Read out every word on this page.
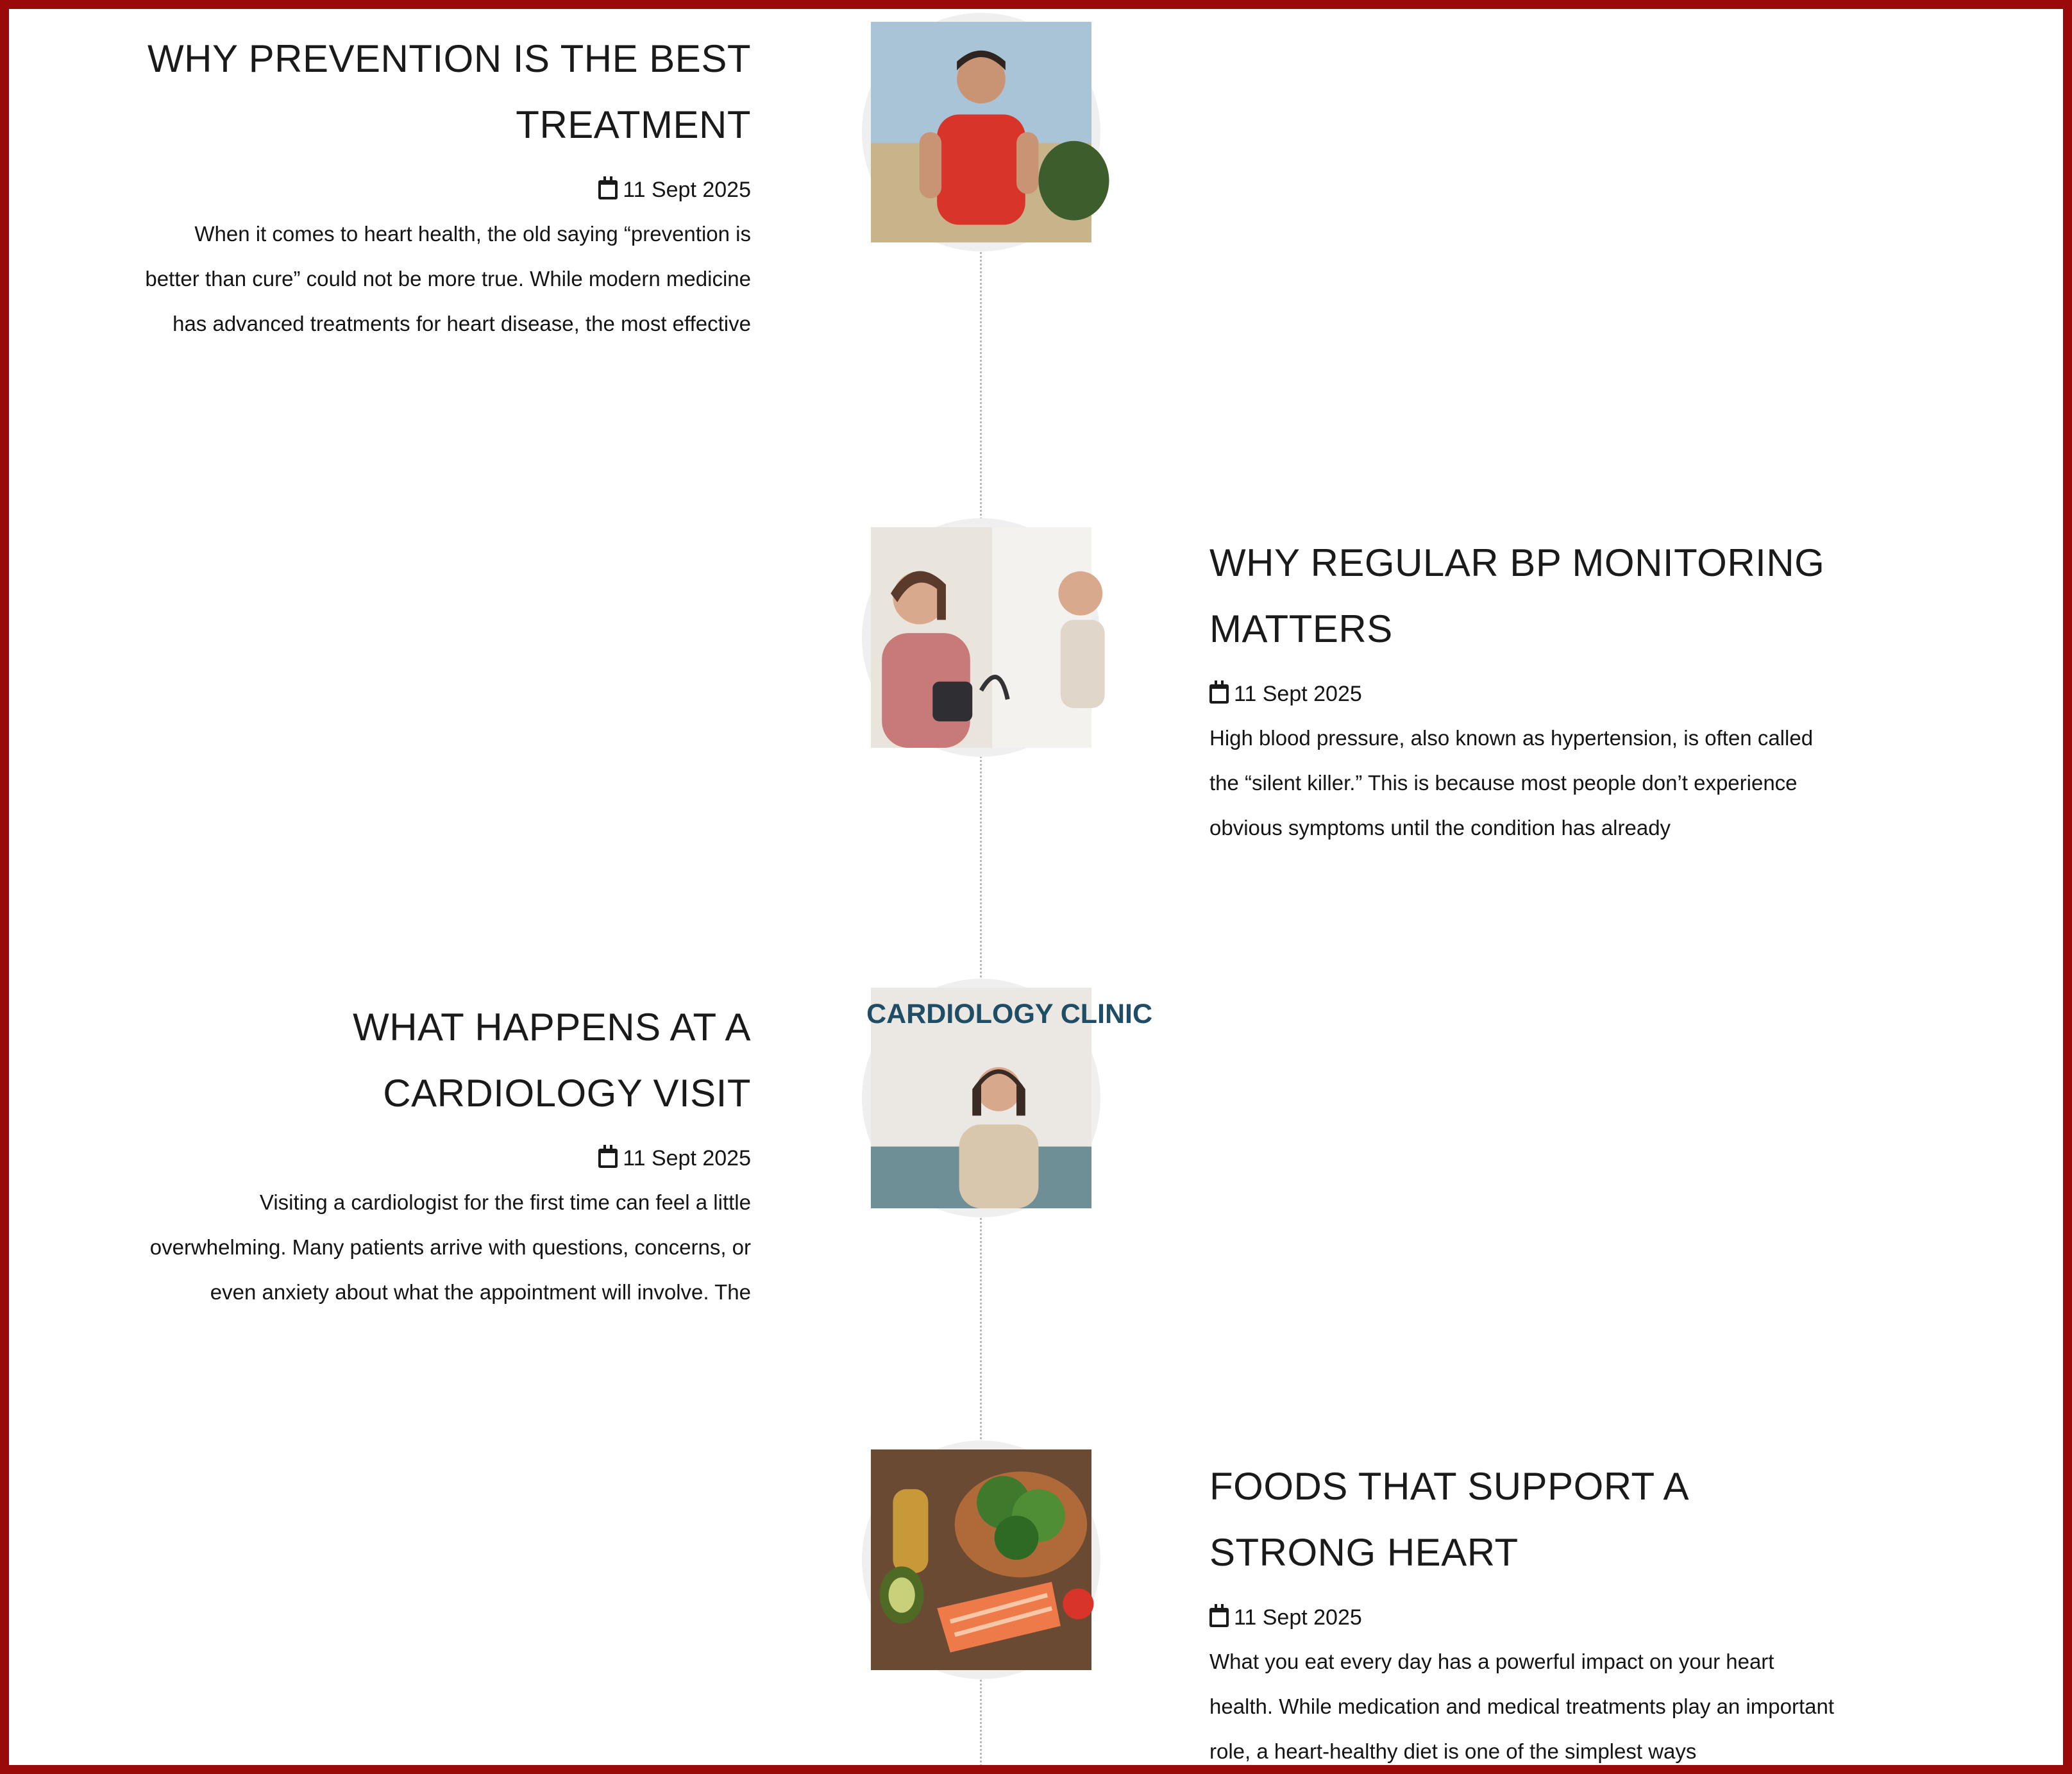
WHY PREVENTION IS THE BEST TREATMENT
11 Sept 2025

When it comes to heart health, the old saying “prevention is better than cure” could not be more true. While modern medicine has advanced treatments for heart disease, the most effective

WHY REGULAR BP MONITORING MATTERS
11 Sept 2025

High blood pressure, also known as hypertension, is often called the “silent killer.” This is because most people don’t experience obvious symptoms until the condition has already

WHAT HAPPENS AT A CARDIOLOGY VISIT
11 Sept 2025

Visiting a cardiologist for the first time can feel a little overwhelming. Many patients arrive with questions, concerns, or even anxiety about what the appointment will involve. The

CARDIOLOGY CLINIC
FOODS THAT SUPPORT A STRONG HEART
11 Sept 2025

What you eat every day has a powerful impact on your heart health. While medication and medical treatments play an important role, a heart-healthy diet is one of the simplest ways
